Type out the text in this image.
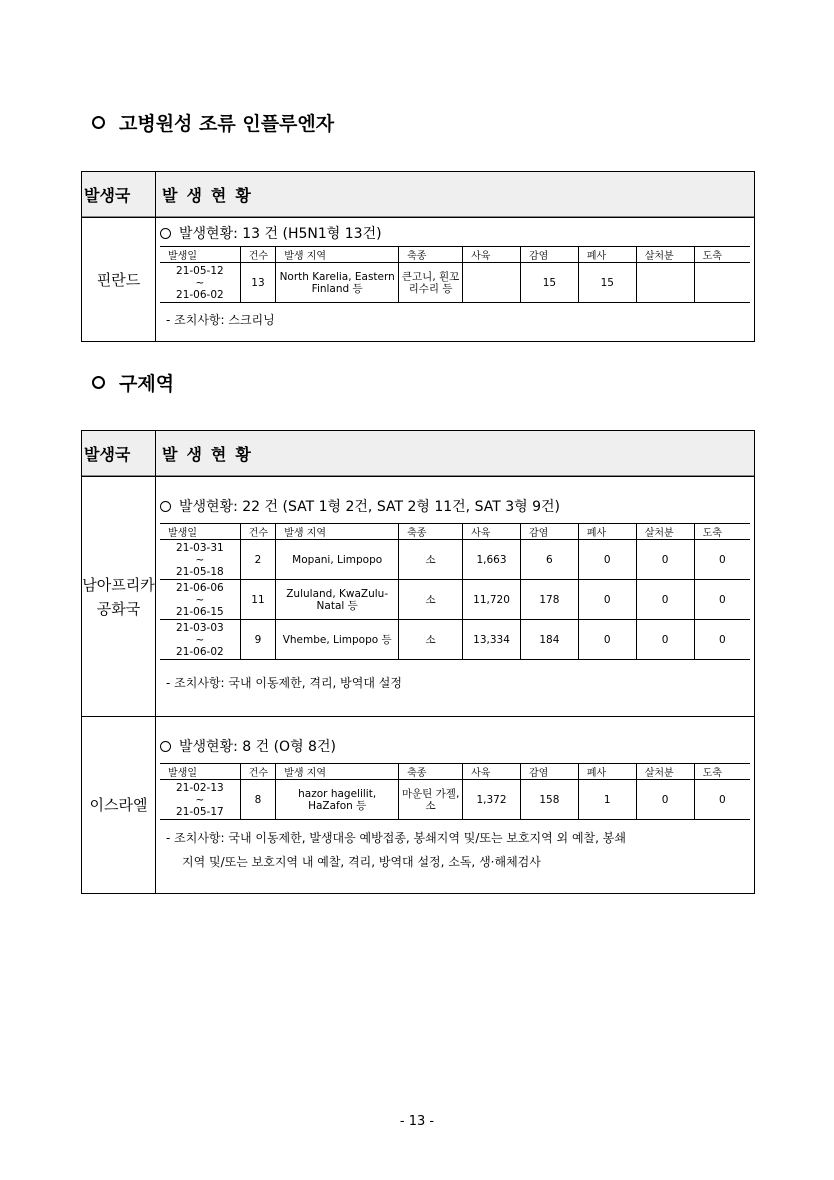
고병원성 조류 인플루엔자
발생국	발생현황
핀란드
발생현황: 13 건 (H5N1형 13건)
발생일	건수	발생 지역	축종	사육	감염	폐사	살처분	도축

21-05-12
~
21-06-02	13	North Karelia, Eastern Finland 등	큰고니, 흰꼬리수리 등		15	15		
- 조치사항: 스크리닝
구제역
발생국	발생현황
남아프리카
공화국
발생현황: 22 건 (SAT 1형 2건, SAT 2형 11건, SAT 3형 9건)
발생일	건수	발생 지역	축종	사육	감염	폐사	살처분	도축

21-03-31
~
21-05-18	2	Mopani, Limpopo	소	1,663	6	0	0	0

21-06-06
~
21-06-15	11	Zululand, KwaZulu-Natal 등	소	11,720	178	0	0	0

21-03-03
~
21-06-02	9	Vhembe, Limpopo 등	소	13,334	184	0	0	0
- 조치사항: 국내 이동제한, 격리, 방역대 설정
이스라엘
발생현황: 8 건 (O형 8건)
발생일	건수	발생 지역	축종	사육	감염	폐사	살처분	도축

21-02-13
~
21-05-17	8	hazor hagelilit, HaZafon 등	마운틴 가젤, 소	1,372	158	1	0	0
- 조치사항: 국내 이동제한, 발생대응 예방접종, 봉쇄지역 및/또는 보호지역 외 예찰, 봉쇄
지역 및/또는 보호지역 내 예찰, 격리, 방역대 설정, 소독, 생·해체검사
- 13 -
